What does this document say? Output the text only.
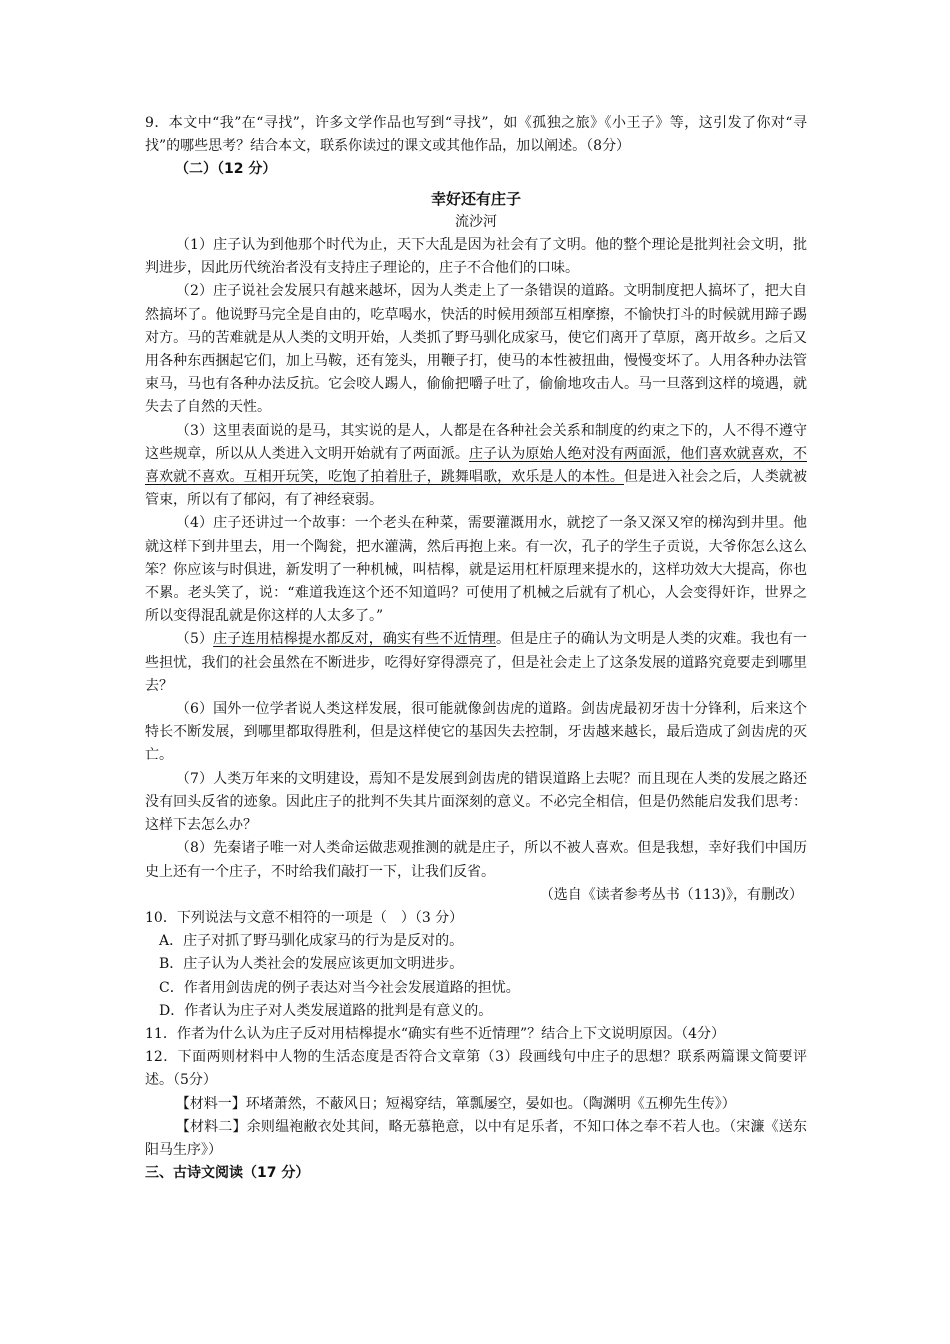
9．本文中“我”在“寻找”，许多文学作品也写到“寻找”，如《孤独之旅》《小王子》等，这引发了你对“寻找”的哪些思考？结合本文，联系你读过的课文或其他作品，加以阐述。（8分）

（二）（12 分）

幸好还有庄子

流沙河

（1）庄子认为到他那个时代为止，天下大乱是因为社会有了文明。他的整个理论是批判社会文明，批判进步，因此历代统治者没有支持庄子理论的，庄子不合他们的口味。

（2）庄子说社会发展只有越来越坏，因为人类走上了一条错误的道路。文明制度把人搞坏了，把大自然搞坏了。他说野马完全是自由的，吃草喝水，快活的时候用颈部互相摩擦，不愉快打斗的时候就用蹄子踢对方。马的苦难就是从人类的文明开始，人类抓了野马驯化成家马，使它们离开了草原，离开故乡。之后又用各种东西捆起它们，加上马鞍，还有笼头，用鞭子打，使马的本性被扭曲，慢慢变坏了。人用各种办法管束马，马也有各种办法反抗。它会咬人踢人，偷偷把嚼子吐了，偷偷地攻击人。马一旦落到这样的境遇，就失去了自然的天性。

（3）这里表面说的是马，其实说的是人，人都是在各种社会关系和制度的约束之下的，人不得不遵守这些规章，所以从人类进入文明开始就有了两面派。庄子认为原始人绝对没有两面派，他们喜欢就喜欢，不喜欢就不喜欢。互相开玩笑，吃饱了拍着肚子，跳舞唱歌，欢乐是人的本性。但是进入社会之后，人类就被管束，所以有了郁闷，有了神经衰弱。

（4）庄子还讲过一个故事：一个老头在种菜，需要灌溉用水，就挖了一条又深又窄的梯沟到井里。他就这样下到井里去，用一个陶瓮，把水灌满，然后再抱上来。有一次，孔子的学生子贡说，大爷你怎么这么笨？你应该与时俱进，新发明了一种机械，叫桔槔，就是运用杠杆原理来提水的，这样功效大大提高，你也不累。老头笑了，说：“难道我连这个还不知道吗？可使用了机械之后就有了机心，人会变得奸诈，世界之所以变得混乱就是你这样的人太多了。”

（5）庄子连用桔槔提水都反对，确实有些不近情理。但是庄子的确认为文明是人类的灾难。我也有一些担忧，我们的社会虽然在不断进步，吃得好穿得漂亮了，但是社会走上了这条发展的道路究竟要走到哪里去？

（6）国外一位学者说人类这样发展，很可能就像剑齿虎的道路。剑齿虎最初牙齿十分锋利，后来这个特长不断发展，到哪里都取得胜利，但是这样使它的基因失去控制，牙齿越来越长，最后造成了剑齿虎的灭亡。

（7）人类万年来的文明建设，焉知不是发展到剑齿虎的错误道路上去呢？而且现在人类的发展之路还没有回头反省的迹象。因此庄子的批判不失其片面深刻的意义。不必完全相信，但是仍然能启发我们思考：这样下去怎么办？

（8）先秦诸子唯一对人类命运做悲观推测的就是庄子，所以不被人喜欢。但是我想，幸好我们中国历史上还有一个庄子，不时给我们敲打一下，让我们反省。

（选自《读者参考丛书（113)》，有删改）

10．下列说法与文意不相符的一项是（　）（3 分）

A．庄子对抓了野马驯化成家马的行为是反对的。

B．庄子认为人类社会的发展应该更加文明进步。

C．作者用剑齿虎的例子表达对当今社会发展道路的担忧。

D．作者认为庄子对人类发展道路的批判是有意义的。

11．作者为什么认为庄子反对用桔槔提水“确实有些不近情理”？结合上下文说明原因。（4分）

12．下面两则材料中人物的生活态度是否符合文章第（3）段画线句中庄子的思想？联系两篇课文简要评述。（5分）

【材料一】环堵萧然，不蔽风日；短褐穿结，箪瓢屡空，晏如也。（陶渊明《五柳先生传》）

【材料二】余则缊袍敝衣处其间，略无慕艳意，以中有足乐者，不知口体之奉不若人也。（宋濂《送东阳马生序》）

三、古诗文阅读（17 分）
